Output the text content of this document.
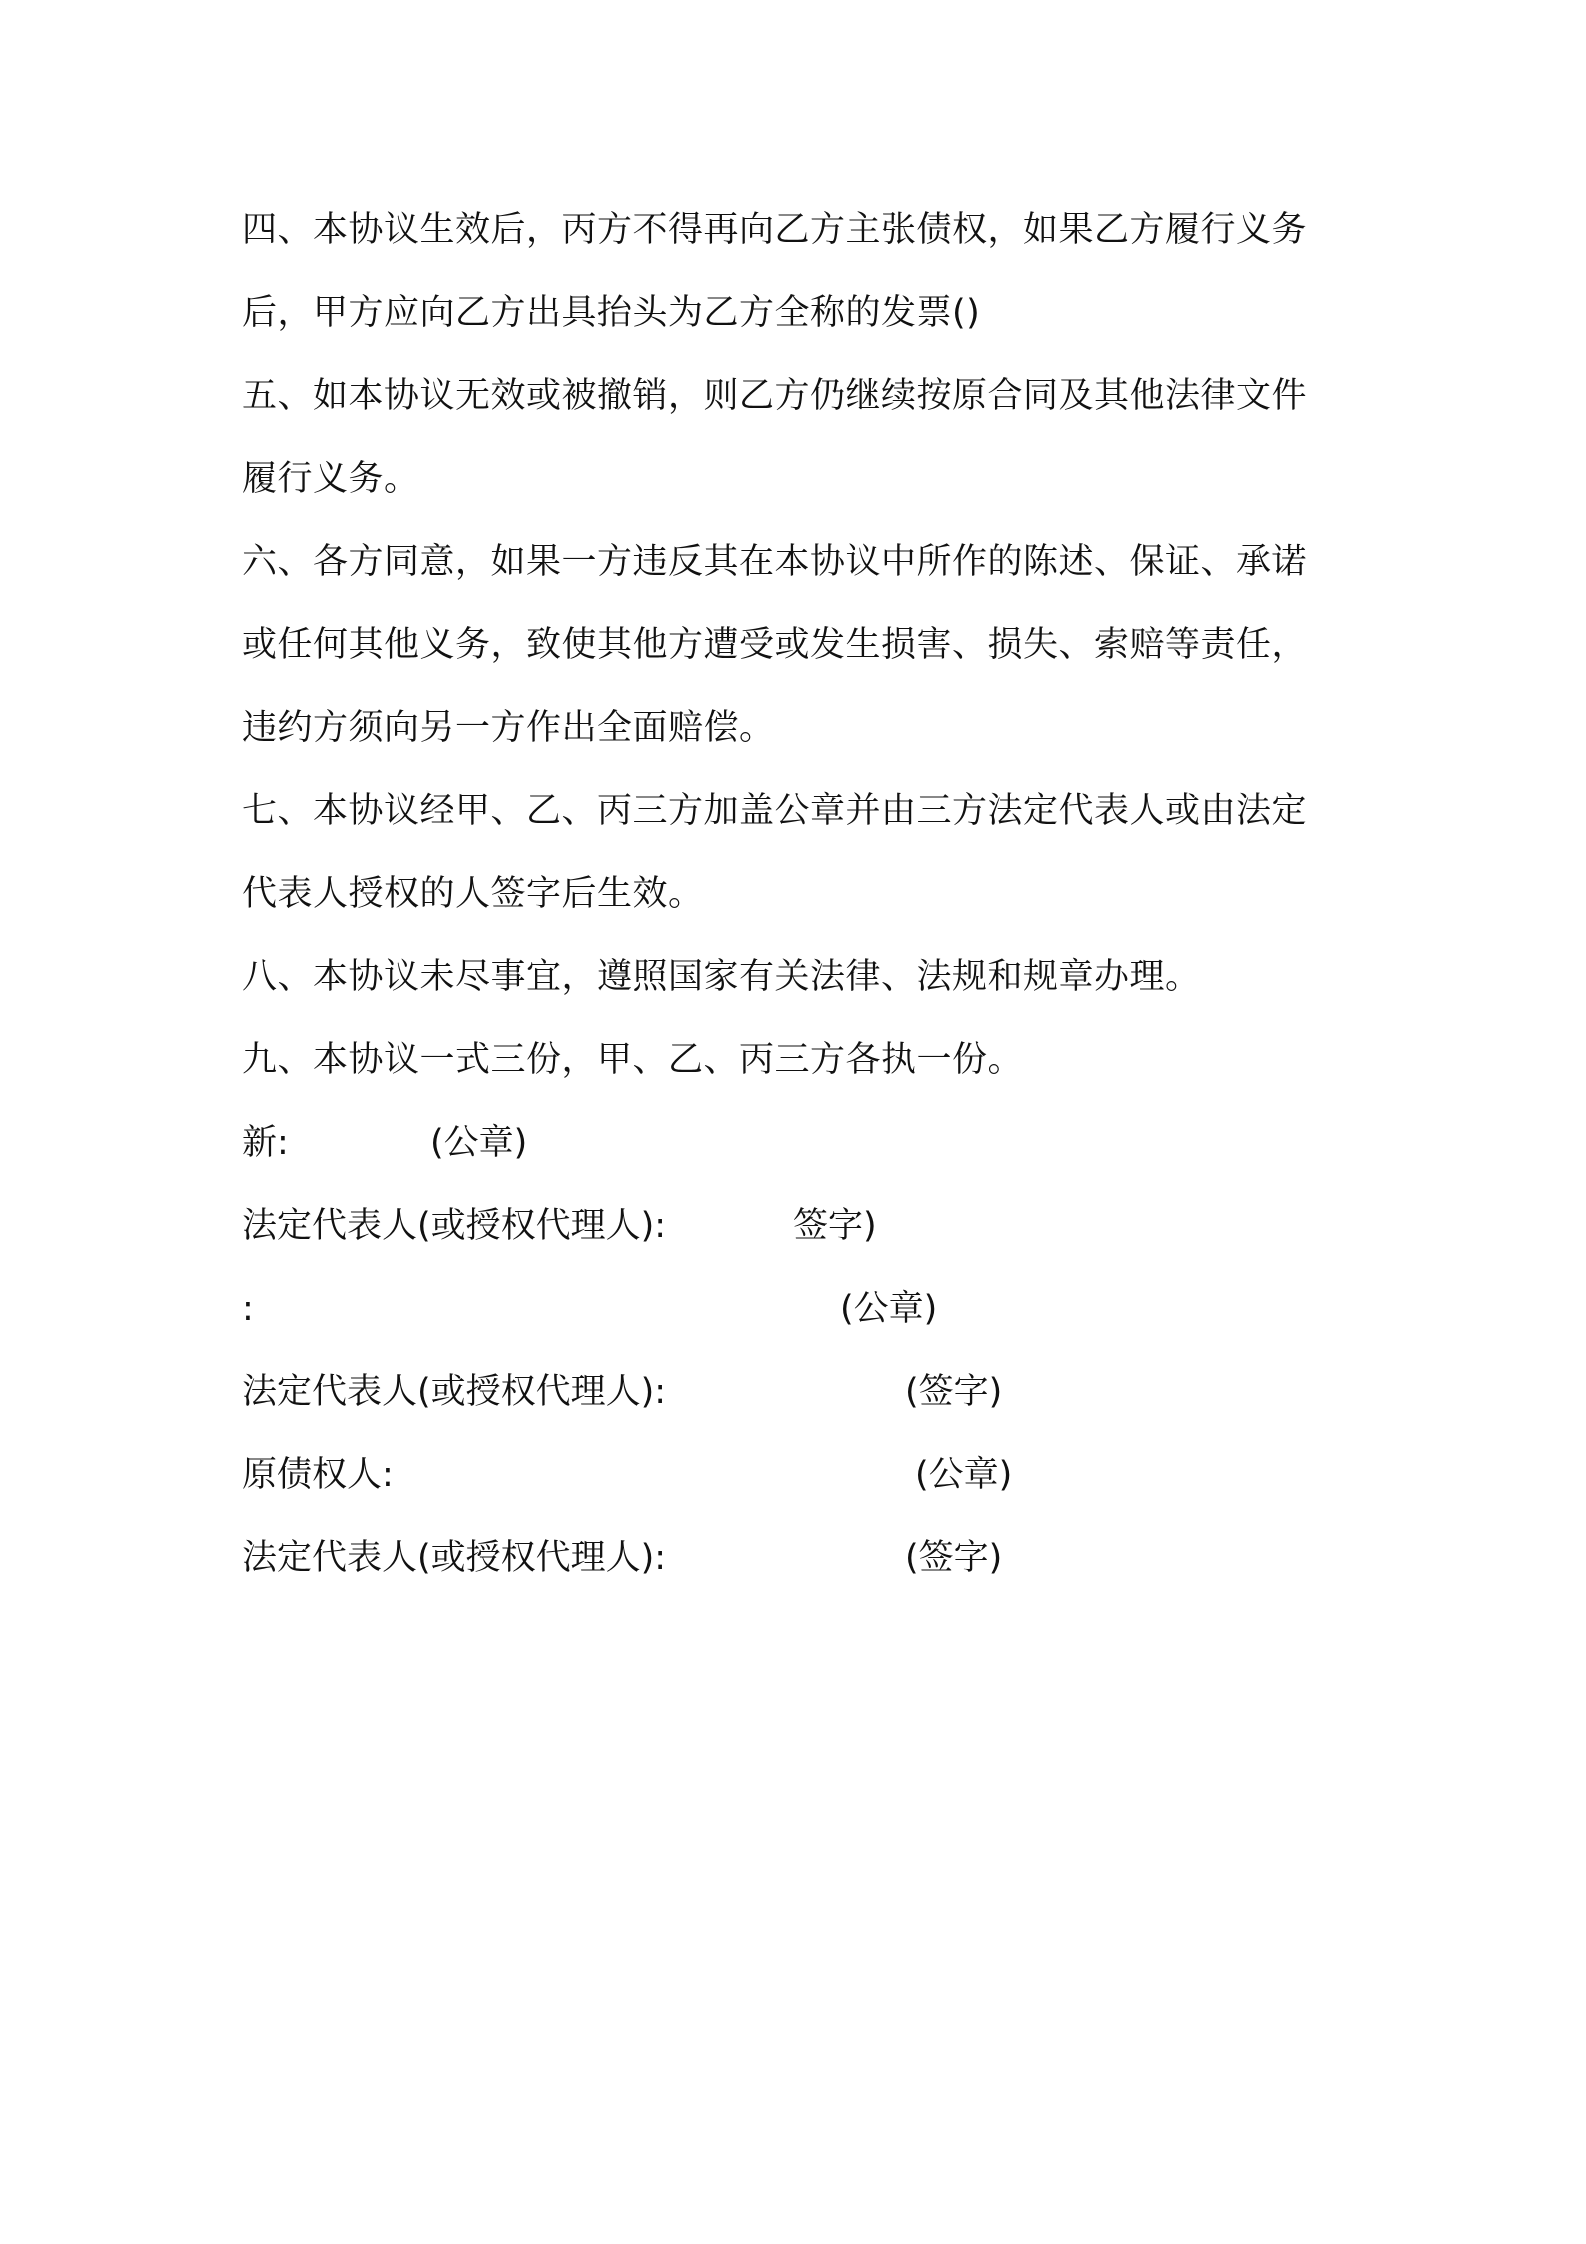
四、本协议生效后，丙方不得再向乙方主张债权，如果乙方履行义务
后，甲方应向乙方出具抬头为乙方全称的发票()
五、如本协议无效或被撤销，则乙方仍继续按原合同及其他法律文件
履行义务。
六、各方同意，如果一方违反其在本协议中所作的陈述、保证、承诺
或任何其他义务，致使其他方遭受或发生损害、损失、索赔等责任，
违约方须向另一方作出全面赔偿。
七、本协议经甲、乙、丙三方加盖公章并由三方法定代表人或由法定
代表人授权的人签字后生效。
八、本协议未尽事宜，遵照国家有关法律、法规和规章办理。
九、本协议一式三份，甲、乙、丙三方各执一份。
新:	(公章)
法定代表人(或授权代理人):	签字)
:	(公章)
法定代表人(或授权代理人):	(签字)
原债权人:	(公章)
法定代表人(或授权代理人):	(签字)
